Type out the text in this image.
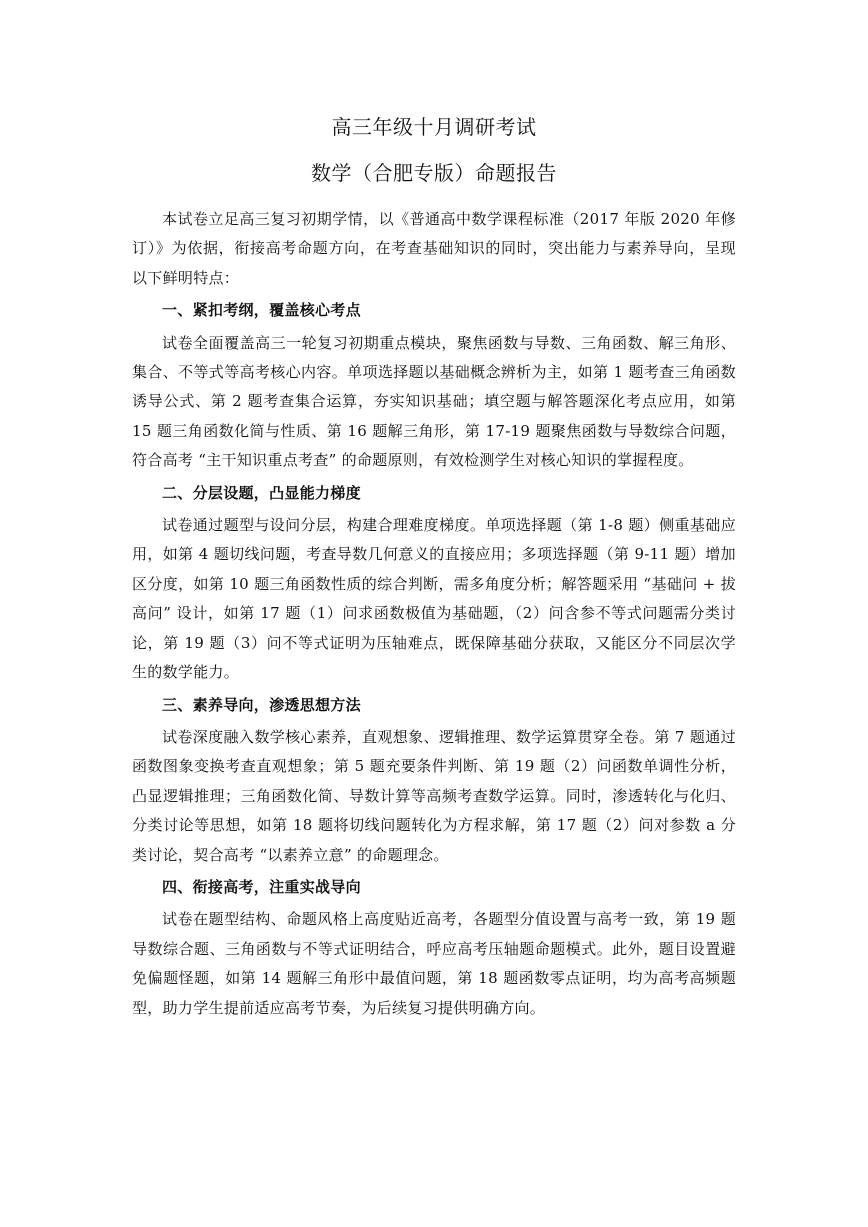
高三年级十月调研考试
数学（合肥专版）命题报告

本试卷立足高三复习初期学情，以《普通高中数学课程标准（2017 年版 2020 年修订）》为依据，衔接高考命题方向，在考查基础知识的同时，突出能力与素养导向，呈现以下鲜明特点：

一、紧扣考纲，覆盖核心考点

试卷全面覆盖高三一轮复习初期重点模块，聚焦函数与导数、三角函数、解三角形、集合、不等式等高考核心内容。单项选择题以基础概念辨析为主，如第 1 题考查三角函数诱导公式、第 2 题考查集合运算，夯实知识基础；填空题与解答题深化考点应用，如第 15 题三角函数化简与性质、第 16 题解三角形，第 17-19 题聚焦函数与导数综合问题，符合高考 “主干知识重点考查” 的命题原则，有效检测学生对核心知识的掌握程度。

二、分层设题，凸显能力梯度

试卷通过题型与设问分层，构建合理难度梯度。单项选择题（第 1-8 题）侧重基础应用，如第 4 题切线问题，考查导数几何意义的直接应用；多项选择题（第 9-11 题）增加区分度，如第 10 题三角函数性质的综合判断，需多角度分析；解答题采用 “基础问 + 拔高问” 设计，如第 17 题（1）问求函数极值为基础题，（2）问含参不等式问题需分类讨论，第 19 题（3）问不等式证明为压轴难点，既保障基础分获取，又能区分不同层次学生的数学能力。

三、素养导向，渗透思想方法

试卷深度融入数学核心素养，直观想象、逻辑推理、数学运算贯穿全卷。第 7 题通过函数图象变换考查直观想象；第 5 题充要条件判断、第 19 题（2）问函数单调性分析，凸显逻辑推理；三角函数化简、导数计算等高频考查数学运算。同时，渗透转化与化归、分类讨论等思想，如第 18 题将切线问题转化为方程求解，第 17 题（2）问对参数 a 分类讨论，契合高考 “以素养立意” 的命题理念。

四、衔接高考，注重实战导向

试卷在题型结构、命题风格上高度贴近高考，各题型分值设置与高考一致，第 19 题导数综合题、三角函数与不等式证明结合，呼应高考压轴题命题模式。此外，题目设置避免偏题怪题，如第 14 题解三角形中最值问题，第 18 题函数零点证明，均为高考高频题型，助力学生提前适应高考节奏，为后续复习提供明确方向。
